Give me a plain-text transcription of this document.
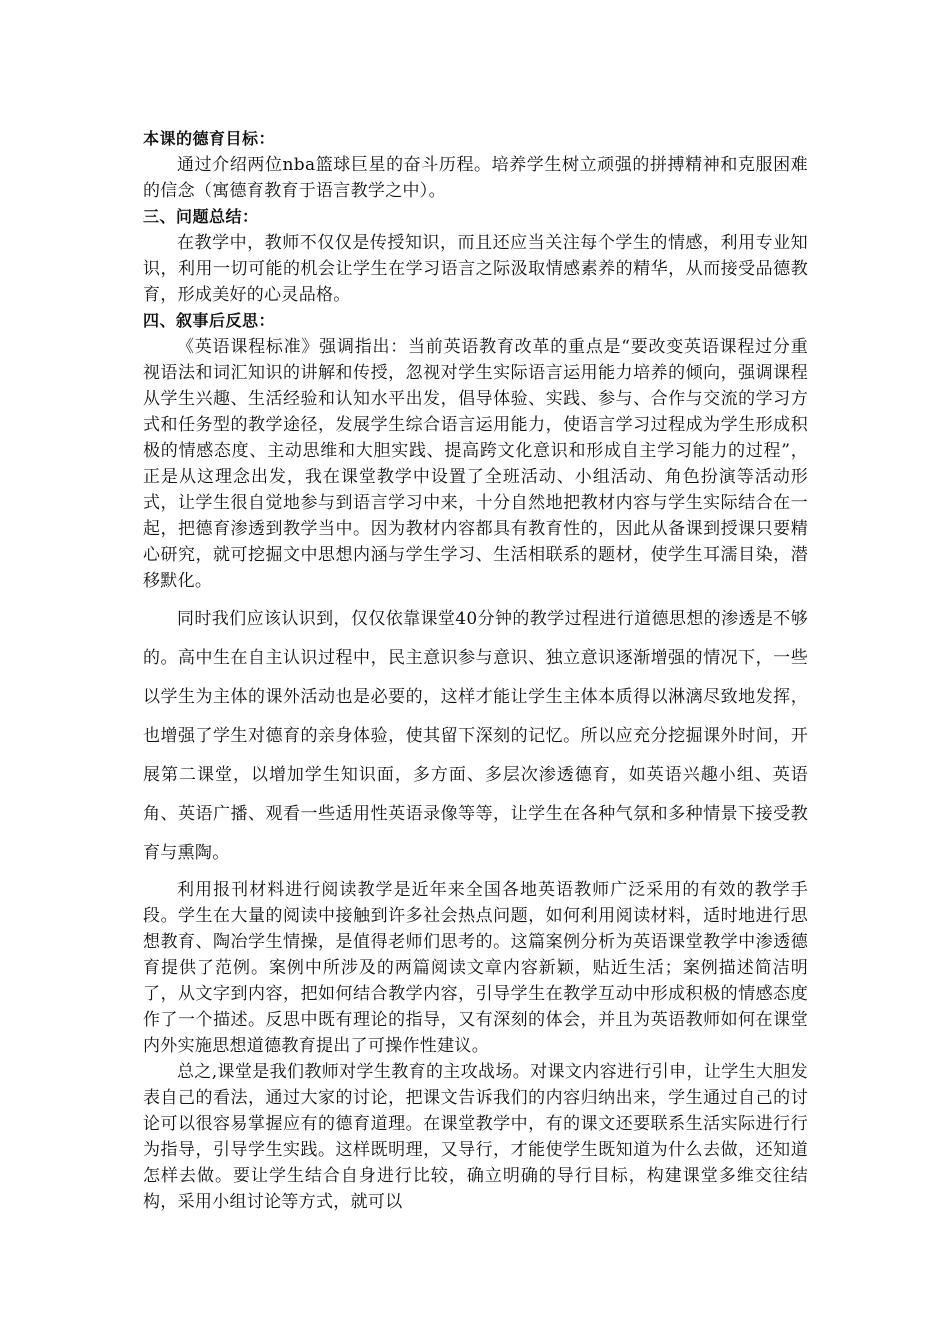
本课的德育目标：

通过介绍两位nba篮球巨星的奋斗历程。培养学生树立顽强的拼搏精神和克服困难的信念（寓德育教育于语言教学之中）。

三、问题总结：

在教学中，教师不仅仅是传授知识，而且还应当关注每个学生的情感，利用专业知识，利用一切可能的机会让学生在学习语言之际汲取情感素养的精华，从而接受品德教育，形成美好的心灵品格。

四、叙事后反思：

《英语课程标准》强调指出：当前英语教育改革的重点是“要改变英语课程过分重视语法和词汇知识的讲解和传授，忽视对学生实际语言运用能力培养的倾向，强调课程从学生兴趣、生活经验和认知水平出发，倡导体验、实践、参与、合作与交流的学习方式和任务型的教学途径，发展学生综合语言运用能力，使语言学习过程成为学生形成积极的情感态度、主动思维和大胆实践、提高跨文化意识和形成自主学习能力的过程”，正是从这理念出发，我在课堂教学中设置了全班活动、小组活动、角色扮演等活动形式，让学生很自觉地参与到语言学习中来，十分自然地把教材内容与学生实际结合在一起，把德育渗透到教学当中。因为教材内容都具有教育性的，因此从备课到授课只要精心研究，就可挖掘文中思想内涵与学生学习、生活相联系的题材，使学生耳濡目染，潜移默化。

同时我们应该认识到，仅仅依靠课堂40分钟的教学过程进行道德思想的渗透是不够的。高中生在自主认识过程中，民主意识参与意识、独立意识逐渐增强的情况下，一些以学生为主体的课外活动也是必要的，这样才能让学生主体本质得以淋漓尽致地发挥，也增强了学生对德育的亲身体验，使其留下深刻的记忆。所以应充分挖掘课外时间，开展第二课堂，以增加学生知识面，多方面、多层次渗透德育，如英语兴趣小组、英语角、英语广播、观看一些适用性英语录像等等，让学生在各种气氛和多种情景下接受教育与熏陶。

利用报刊材料进行阅读教学是近年来全国各地英语教师广泛采用的有效的教学手段。学生在大量的阅读中接触到许多社会热点问题，如何利用阅读材料，适时地进行思想教育、陶冶学生情操，是值得老师们思考的。这篇案例分析为英语课堂教学中渗透德育提供了范例。案例中所涉及的两篇阅读文章内容新颖，贴近生活；案例描述简洁明了，从文字到内容，把如何结合教学内容，引导学生在教学互动中形成积极的情感态度作了一个描述。反思中既有理论的指导，又有深刻的体会，并且为英语教师如何在课堂内外实施思想道德教育提出了可操作性建议。

总之,课堂是我们教师对学生教育的主攻战场。对课文内容进行引申，让学生大胆发表自己的看法，通过大家的讨论，把课文告诉我们的内容归纳出来，学生通过自己的讨论可以很容易掌握应有的德育道理。在课堂教学中，有的课文还要联系生活实际进行行为指导，引导学生实践。这样既明理，又导行，才能使学生既知道为什么去做，还知道怎样去做。要让学生结合自身进行比较，确立明确的导行目标，构建课堂多维交往结构，采用小组讨论等方式，就可以
